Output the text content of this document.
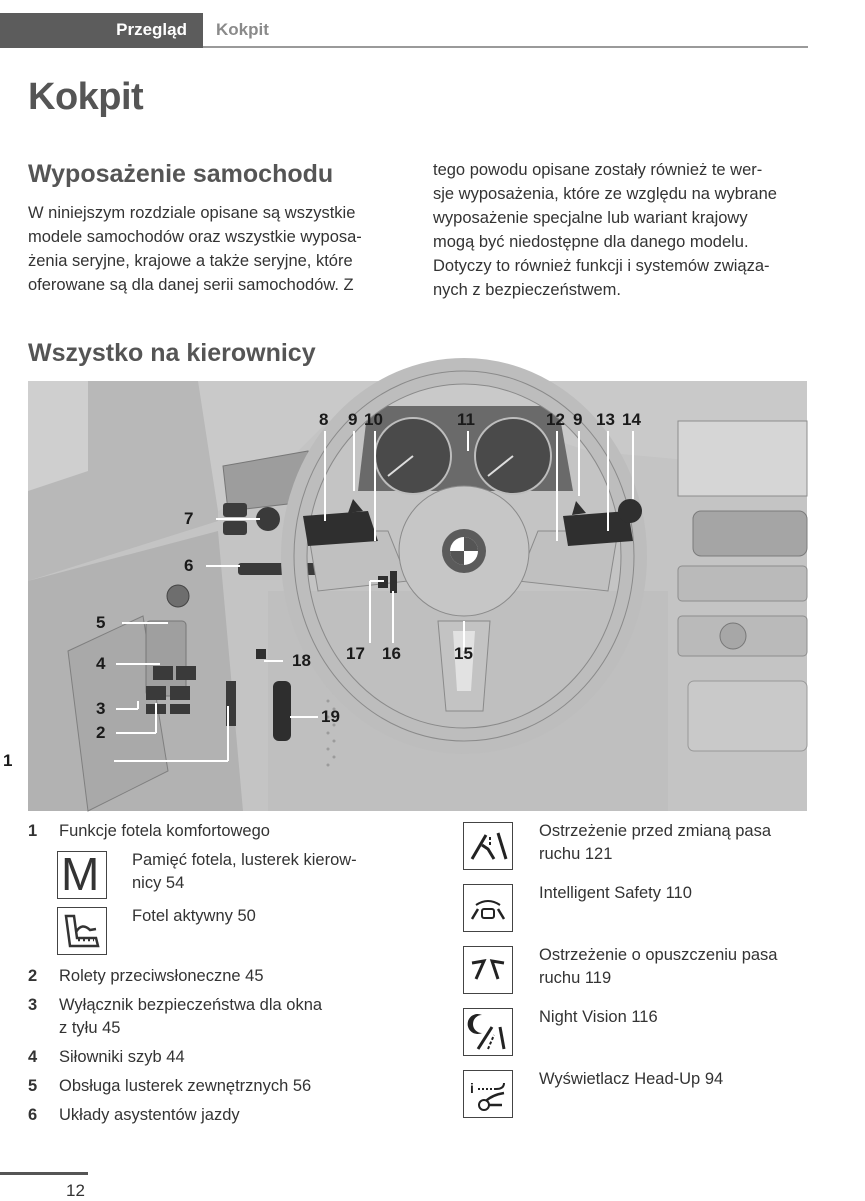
Przegląd Kokpit
Kokpit
Wyposażenie samochodu
W niniejszym rozdziale opisane są wszystkie
modele samochodów oraz wszystkie wyposa-
żenia seryjne, krajowe a także seryjne, które
oferowane są dla danej serii samochodów. Z
tego powodu opisane zostały również te wer-
sje wyposażenia, które ze względu na wybrane
wyposażenie specjalne lub wariant krajowy
mogą być niedostępne dla danego modelu.
Dotyczy to również funkcji i systemów związa-
nych z bezpieczeństwem.
Wszystko na kierownicy
1
2
3
4
5
6
7
8 9 10	11	12 9 13 14
15
16
17
18
19
1	Funkcje fotela komfortowego
M Pamięć fotela, lusterek kierow-
nicy 54
Fotel aktywny 50
2	Rolety przeciwsłoneczne 45
3	Wyłącznik bezpieczeństwa dla okna
z tyłu 45
4	Siłowniki szyb 44
5	Obsługa lusterek zewnętrznych 56
6	Układy asystentów jazdy
Ostrzeżenie przed zmianą pasa
ruchu 121
Intelligent Safety 110
Ostrzeżenie o opuszczeniu pasa
ruchu 119
Night Vision 116
i	Wyświetlacz Head-Up 94
12
